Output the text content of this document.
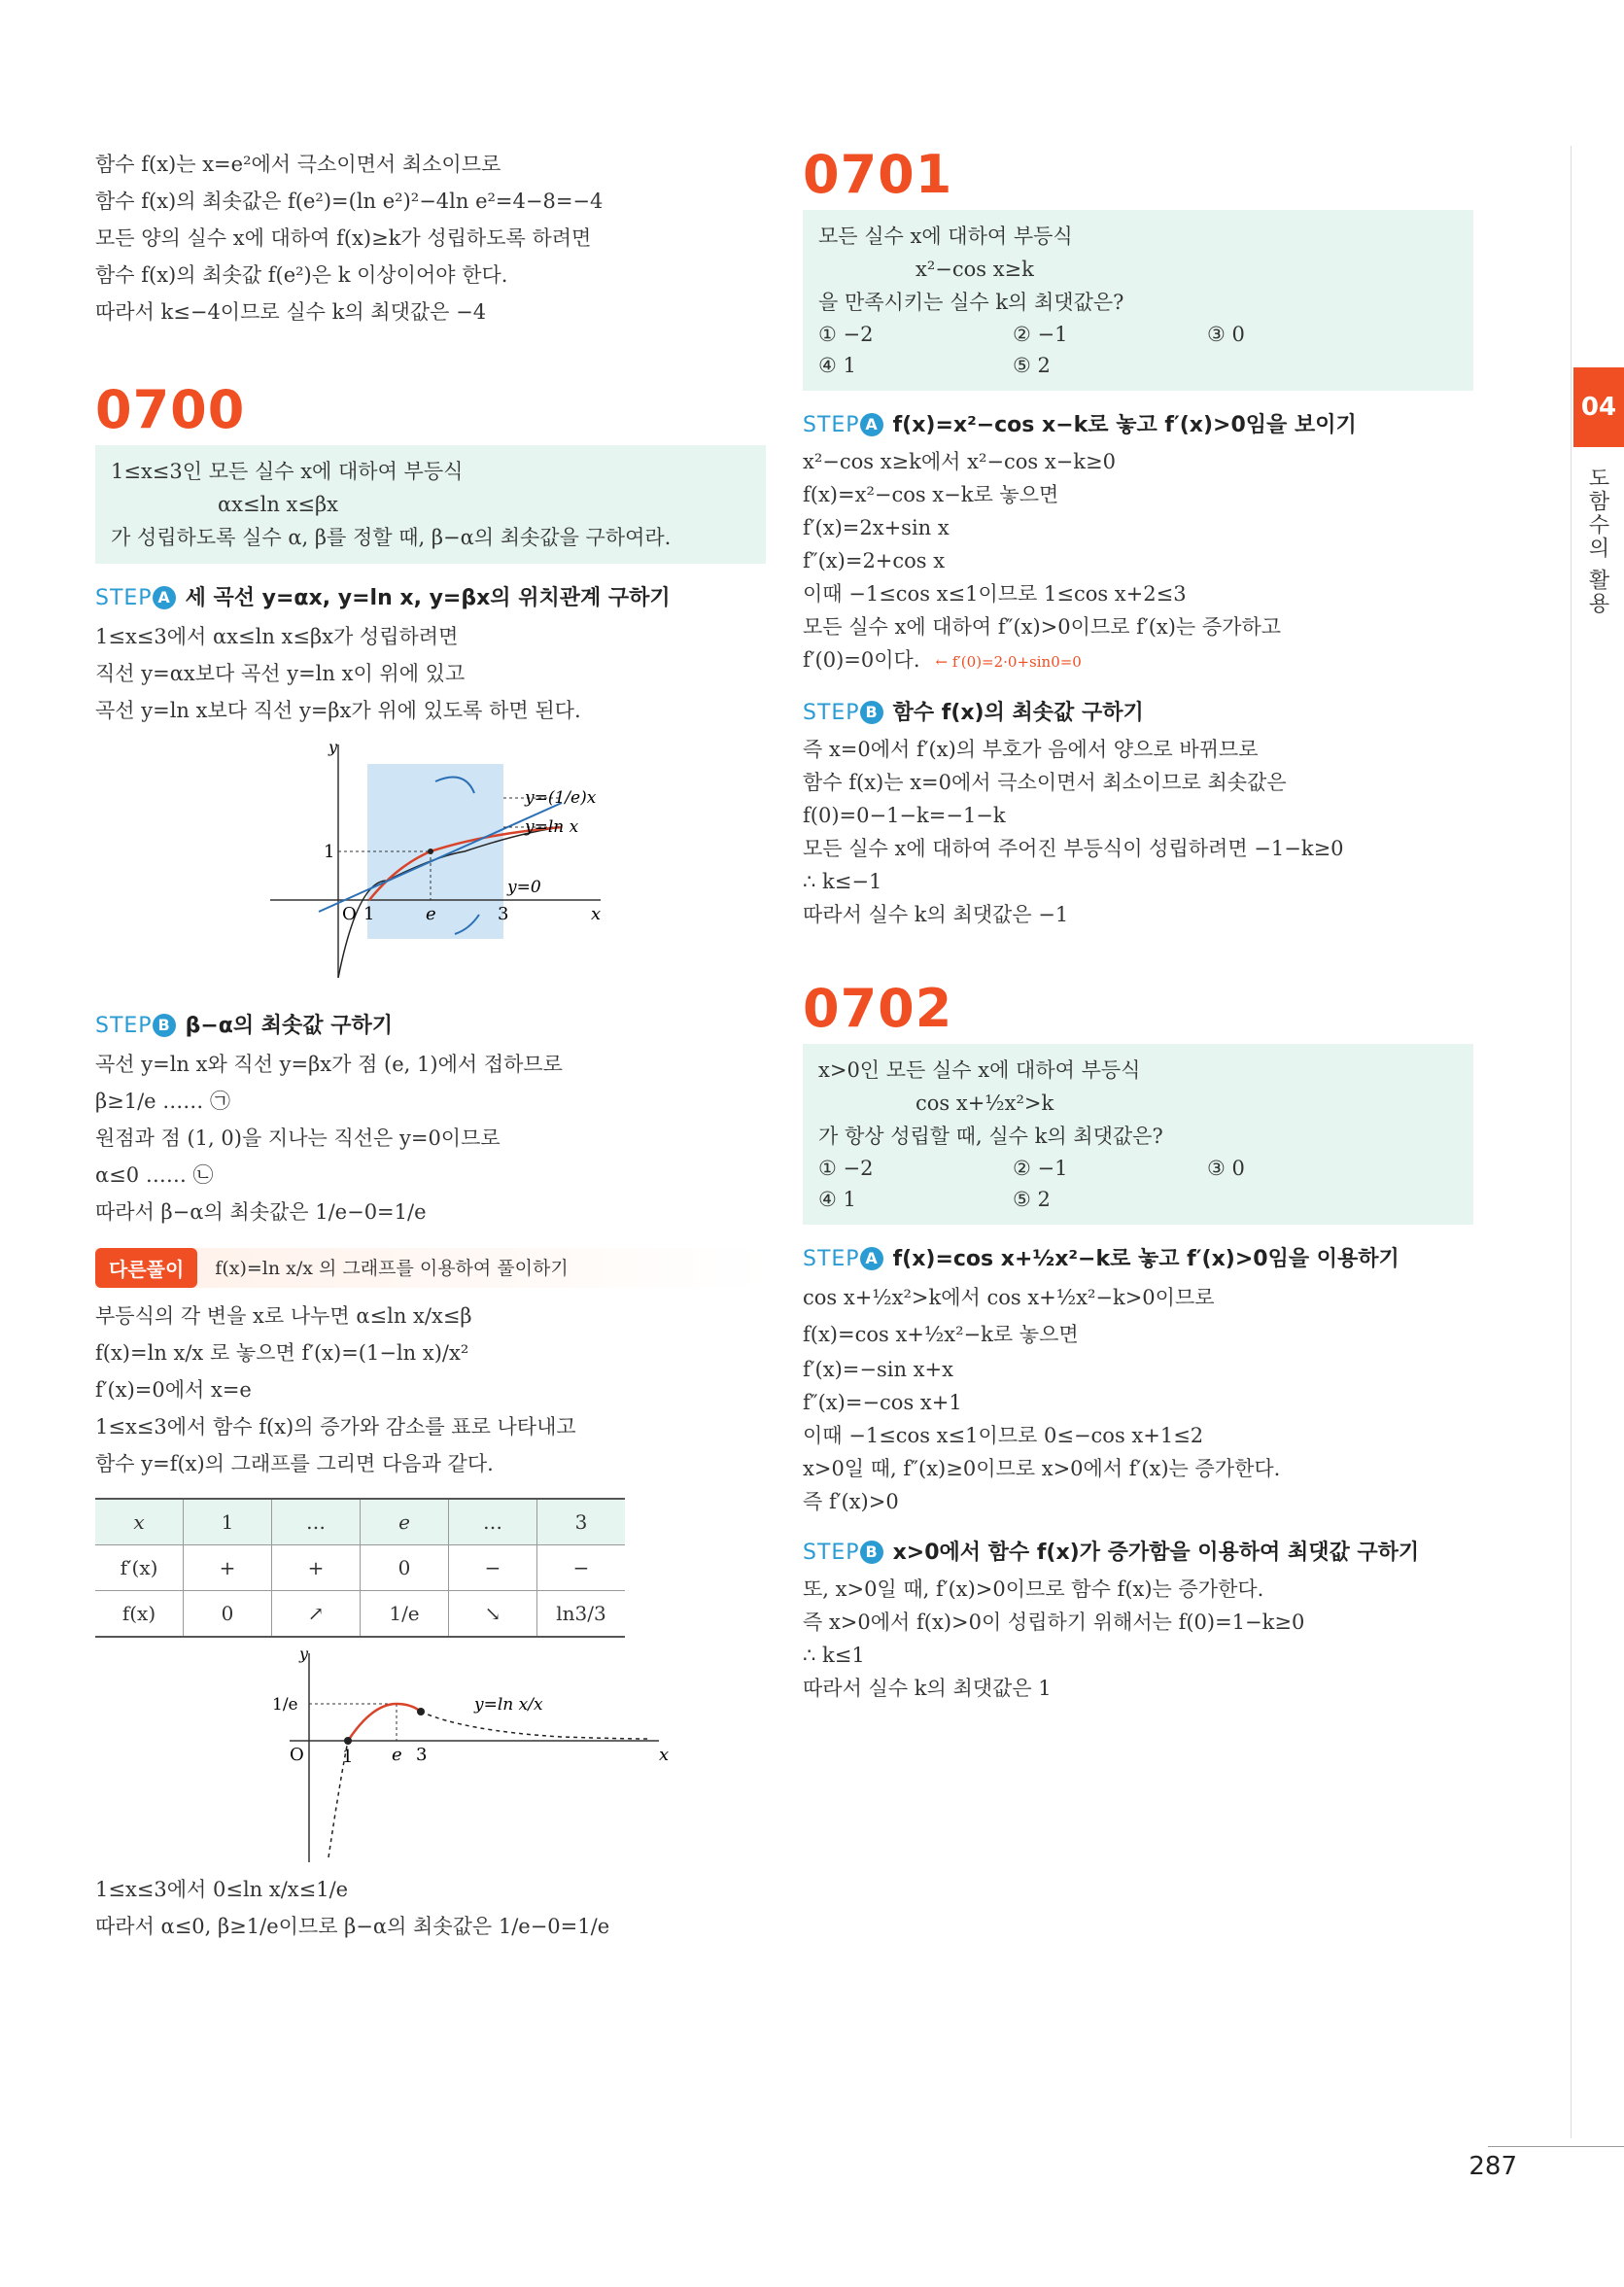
함수 f(x)는 x=e²에서 극소이면서 최소이므로
함수 f(x)의 최솟값은 f(e²)=(ln e²)²−4ln e²=4−8=−4
모든 양의 실수 x에 대하여 f(x)≥k가 성립하도록 하려면
함수 f(x)의 최솟값 f(e²)은 k 이상이어야 한다.
따라서 k≤−4이므로 실수 k의 최댓값은 −4
0700
1≤x≤3인 모든 실수 x에 대하여 부등식
αx≤ln x≤βx
가 성립하도록 실수 α, β를 정할 때, β−α의 최솟값을 구하여라.
STEP A 세 곡선 y=αx, y=ln x, y=βx의 위치관계 구하기
1≤x≤3에서 αx≤ln x≤βx가 성립하려면
직선 y=αx보다 곡선 y=ln x이 위에 있고
곡선 y=ln x보다 직선 y=βx가 위에 있도록 하면 된다.
y
x
O 1	e	3
1
y=(1/e)x
y=ln x
y=0
STEP B β−α의 최솟값 구하기
곡선 y=ln x와 직선 y=βx가 점 (e, 1)에서 접하므로
β≥1/e …… ㉠
원점과 점 (1, 0)을 지나는 직선은 y=0이므로
α≤0 …… ㉡
따라서 β−α의 최솟값은 1/e−0=1/e
다른풀이	f(x)=ln x/x 의 그래프를 이용하여 풀이하기
부등식의 각 변을 x로 나누면 α≤ln x/x≤β
f(x)=ln x/x 로 놓으면 f′(x)=(1−ln x)/x²
f′(x)=0에서 x=e
1≤x≤3에서 함수 f(x)의 증가와 감소를 표로 나타내고
함수 y=f(x)의 그래프를 그리면 다음과 같다.
x	1	…	e	…	3
f′(x)	+	+	0	−	−
f(x)	0	↗	1/e	↘	ln3/3
y
x
O 1 e 3
1/e	y=ln x/x
1≤x≤3에서 0≤ln x/x≤1/e
따라서 α≤0, β≥1/e이므로 β−α의 최솟값은 1/e−0=1/e
0701
모든 실수 x에 대하여 부등식
x²−cos x≥k
을 만족시키는 실수 k의 최댓값은?
① −2	② −1	③ 0
④ 1	⑤ 2
STEP A f(x)=x²−cos x−k로 놓고 f′(x)>0임을 보이기
x²−cos x≥k에서 x²−cos x−k≥0
f(x)=x²−cos x−k로 놓으면
f′(x)=2x+sin x
f″(x)=2+cos x
이때 −1≤cos x≤1이므로 1≤cos x+2≤3
모든 실수 x에 대하여 f″(x)>0이므로 f′(x)는 증가하고
f′(0)=0이다. ← f′(0)=2·0+sin0=0
STEP B 함수 f(x)의 최솟값 구하기
즉 x=0에서 f′(x)의 부호가 음에서 양으로 바뀌므로
함수 f(x)는 x=0에서 극소이면서 최소이므로 최솟값은
f(0)=0−1−k=−1−k
모든 실수 x에 대하여 주어진 부등식이 성립하려면 −1−k≥0
∴ k≤−1
따라서 실수 k의 최댓값은 −1
0702
x>0인 모든 실수 x에 대하여 부등식
cos x+½x²>k
가 항상 성립할 때, 실수 k의 최댓값은?
① −2	② −1	③ 0
④ 1	⑤ 2
STEP A f(x)=cos x+½x²−k로 놓고 f′(x)>0임을 이용하기
cos x+½x²>k에서 cos x+½x²−k>0이므로
f(x)=cos x+½x²−k로 놓으면
f′(x)=−sin x+x
f″(x)=−cos x+1
이때 −1≤cos x≤1이므로 0≤−cos x+1≤2
x>0일 때, f″(x)≥0이므로 x>0에서 f′(x)는 증가한다.
즉 f′(x)>0
STEP B x>0에서 함수 f(x)가 증가함을 이용하여 최댓값 구하기
또, x>0일 때, f′(x)>0이므로 함수 f(x)는 증가한다.
즉 x>0에서 f(x)>0이 성립하기 위해서는 f(0)=1−k≥0
∴ k≤1
따라서 실수 k의 최댓값은 1
04
도함수의 활용
287
